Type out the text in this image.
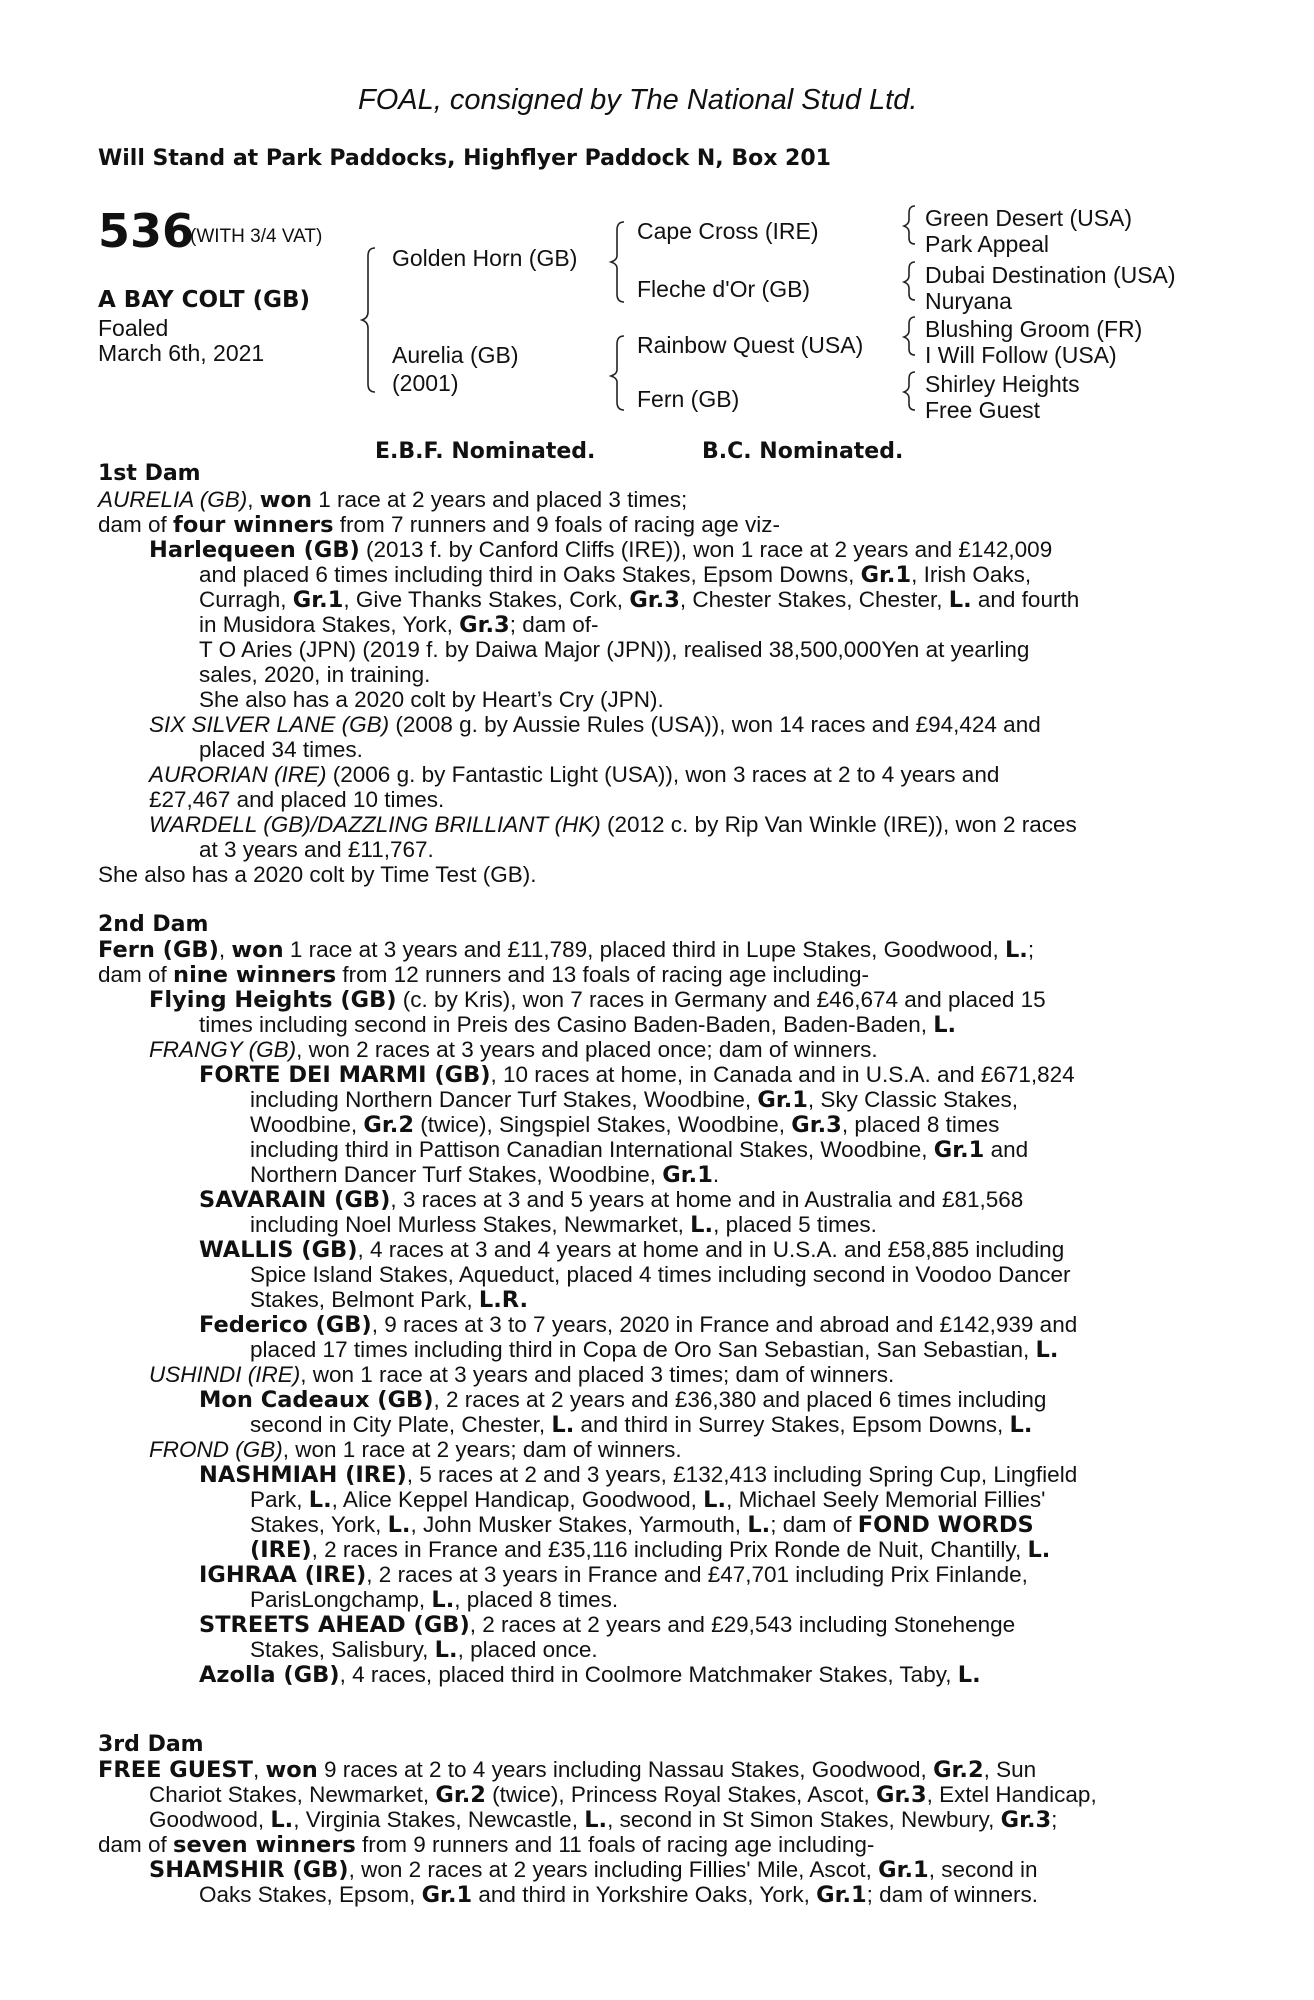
FOAL, consigned by The National Stud Ltd.
Will Stand at Park Paddocks, Highflyer Paddock N, Box 201
536
(WITH 3/4 VAT)
A BAY COLT (GB)
Foaled
March 6th, 2021
Golden Horn (GB)
Aurelia (GB)
(2001)
Cape Cross (IRE)
Fleche d'Or (GB)
Rainbow Quest (USA)
Fern (GB)
Green Desert (USA)
Park Appeal
Dubai Destination (USA)
Nuryana
Blushing Groom (FR)
I Will Follow (USA)
Shirley Heights
Free Guest
E.B.F. Nominated.	B.C. Nominated.
1st Dam
AURELIA (GB), won 1 race at 2 years and placed 3 times;
dam of four winners from 7 runners and 9 foals of racing age viz-
Harlequeen (GB) (2013 f. by Canford Cliffs (IRE)), won 1 race at 2 years and £142,009
and placed 6 times including third in Oaks Stakes, Epsom Downs, Gr.1, Irish Oaks,
Curragh, Gr.1, Give Thanks Stakes, Cork, Gr.3, Chester Stakes, Chester, L. and fourth
in Musidora Stakes, York, Gr.3; dam of-
T O Aries (JPN) (2019 f. by Daiwa Major (JPN)), realised 38,500,000Yen at yearling
sales, 2020, in training.
She also has a 2020 colt by Heart’s Cry (JPN).
SIX SILVER LANE (GB) (2008 g. by Aussie Rules (USA)), won 14 races and £94,424 and
placed 34 times.
AURORIAN (IRE) (2006 g. by Fantastic Light (USA)), won 3 races at 2 to 4 years and
£27,467 and placed 10 times.
WARDELL (GB)/DAZZLING BRILLIANT (HK) (2012 c. by Rip Van Winkle (IRE)), won 2 races
at 3 years and £11,767.
She also has a 2020 colt by Time Test (GB).
2nd Dam
Fern (GB), won 1 race at 3 years and £11,789, placed third in Lupe Stakes, Goodwood, L.;
dam of nine winners from 12 runners and 13 foals of racing age including-
Flying Heights (GB) (c. by Kris), won 7 races in Germany and £46,674 and placed 15
times including second in Preis des Casino Baden-Baden, Baden-Baden, L.
FRANGY (GB), won 2 races at 3 years and placed once; dam of winners.
FORTE DEI MARMI (GB), 10 races at home, in Canada and in U.S.A. and £671,824
including Northern Dancer Turf Stakes, Woodbine, Gr.1, Sky Classic Stakes,
Woodbine, Gr.2 (twice), Singspiel Stakes, Woodbine, Gr.3, placed 8 times
including third in Pattison Canadian International Stakes, Woodbine, Gr.1 and
Northern Dancer Turf Stakes, Woodbine, Gr.1.
SAVARAIN (GB), 3 races at 3 and 5 years at home and in Australia and £81,568
including Noel Murless Stakes, Newmarket, L., placed 5 times.
WALLIS (GB), 4 races at 3 and 4 years at home and in U.S.A. and £58,885 including
Spice Island Stakes, Aqueduct, placed 4 times including second in Voodoo Dancer
Stakes, Belmont Park, L.R.
Federico (GB), 9 races at 3 to 7 years, 2020 in France and abroad and £142,939 and
placed 17 times including third in Copa de Oro San Sebastian, San Sebastian, L.
USHINDI (IRE), won 1 race at 3 years and placed 3 times; dam of winners.
Mon Cadeaux (GB), 2 races at 2 years and £36,380 and placed 6 times including
second in City Plate, Chester, L. and third in Surrey Stakes, Epsom Downs, L.
FROND (GB), won 1 race at 2 years; dam of winners.
NASHMIAH (IRE), 5 races at 2 and 3 years, £132,413 including Spring Cup, Lingfield
Park, L., Alice Keppel Handicap, Goodwood, L., Michael Seely Memorial Fillies'
Stakes, York, L., John Musker Stakes, Yarmouth, L.; dam of FOND WORDS
(IRE), 2 races in France and £35,116 including Prix Ronde de Nuit, Chantilly, L.
IGHRAA (IRE), 2 races at 3 years in France and £47,701 including Prix Finlande,
ParisLongchamp, L., placed 8 times.
STREETS AHEAD (GB), 2 races at 2 years and £29,543 including Stonehenge
Stakes, Salisbury, L., placed once.
Azolla (GB), 4 races, placed third in Coolmore Matchmaker Stakes, Taby, L.
3rd Dam
FREE GUEST, won 9 races at 2 to 4 years including Nassau Stakes, Goodwood, Gr.2, Sun
Chariot Stakes, Newmarket, Gr.2 (twice), Princess Royal Stakes, Ascot, Gr.3, Extel Handicap,
Goodwood, L., Virginia Stakes, Newcastle, L., second in St Simon Stakes, Newbury, Gr.3;
dam of seven winners from 9 runners and 11 foals of racing age including-
SHAMSHIR (GB), won 2 races at 2 years including Fillies' Mile, Ascot, Gr.1, second in
Oaks Stakes, Epsom, Gr.1 and third in Yorkshire Oaks, York, Gr.1; dam of winners.
